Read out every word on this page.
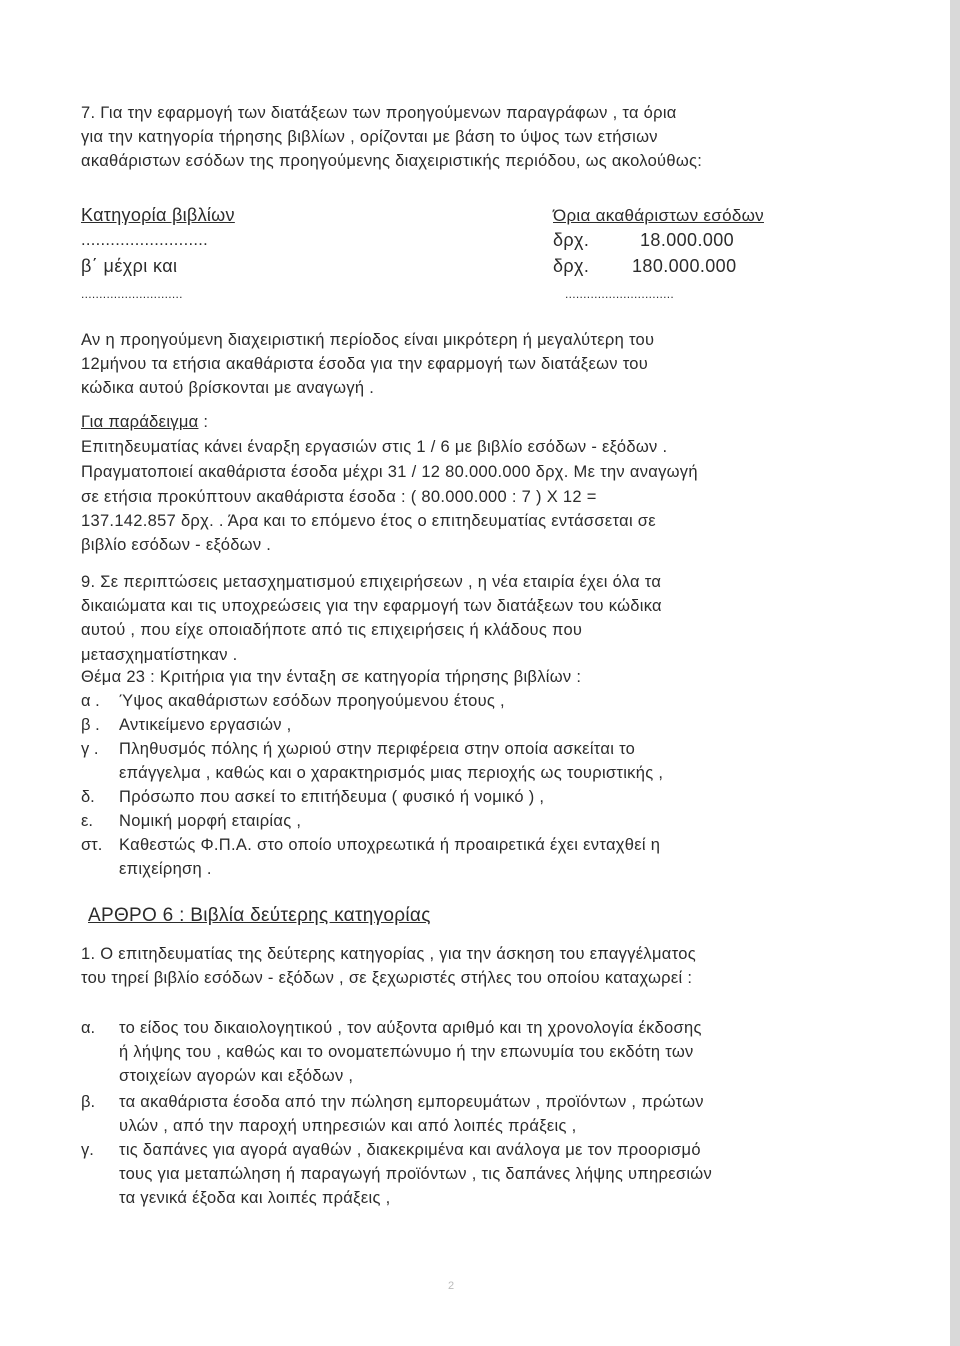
7. Για την εφαρμογή των διατάξεων των προηγούμενων παραγράφων , τα όρια
για την κατηγορία τήρησης βιβλίων , ορίζονται με βάση το ύψος των ετήσιων
ακαθάριστων εσόδων της προηγούμενης διαχειριστικής περιόδου, ως ακολούθως:
Κατηγορία βιβλίων	Όρια ακαθάριστων εσόδων
..........................	δρχ.	18.000.000
β΄ μέχρι και	δρχ. 180.000.000
............................	..............................
Αν η προηγούμενη διαχειριστική περίοδος είναι μικρότερη ή μεγαλύτερη του
12μήνου τα ετήσια ακαθάριστα έσοδα για την εφαρμογή των διατάξεων του
κώδικα αυτού βρίσκονται με αναγωγή .
Για παράδειγμα :
Επιτηδευματίας κάνει έναρξη εργασιών στις 1 / 6 με βιβλίο εσόδων - εξόδων .
Πραγματοποιεί ακαθάριστα έσοδα μέχρι 31 / 12 80.000.000 δρχ. Με την αναγωγή
σε ετήσια προκύπτουν ακαθάριστα έσοδα : ( 80.000.000 : 7 ) Χ 12 =
137.142.857 δρχ. . Άρα και το επόμενο έτος ο επιτηδευματίας εντάσσεται σε
βιβλίο εσόδων - εξόδων .
9. Σε περιπτώσεις μετασχηματισμού επιχειρήσεων , η νέα εταιρία έχει όλα τα
δικαιώματα και τις υποχρεώσεις για την εφαρμογή των διατάξεων του κώδικα
αυτού , που είχε οποιαδήποτε από τις επιχειρήσεις ή κλάδους που
μετασχηματίστηκαν .
Θέμα 23 : Κριτήρια για την ένταξη σε κατηγορία τήρησης βιβλίων :
α . Ύψος ακαθάριστων εσόδων προηγούμενου έτους ,
β . Αντικείμενο εργασιών ,
γ . Πληθυσμός πόλης ή χωριού στην περιφέρεια στην οποία ασκείται το
επάγγελμα , καθώς και ο χαρακτηρισμός μιας περιοχής ως τουριστικής ,
δ. Πρόσωπο που ασκεί το επιτήδευμα ( φυσικό ή νομικό ) ,
ε. Νομική μορφή εταιρίας ,
στ. Καθεστώς Φ.Π.Α. στο οποίο υποχρεωτικά ή προαιρετικά έχει ενταχθεί η
επιχείρηση .
ΑΡΘΡΟ 6 : Βιβλία δεύτερης κατηγορίας
1. Ο επιτηδευματίας της δεύτερης κατηγορίας , για την άσκηση του επαγγέλματος
του τηρεί βιβλίο εσόδων - εξόδων , σε ξεχωριστές στήλες του οποίου καταχωρεί :
α. το είδος του δικαιολογητικού , τον αύξοντα αριθμό και τη χρονολογία έκδοσης
ή λήψης του , καθώς και το ονοματεπώνυμο ή την επωνυμία του εκδότη των
στοιχείων αγορών και εξόδων ,
β. τα ακαθάριστα έσοδα από την πώληση εμπορευμάτων , προϊόντων , πρώτων
υλών , από την παροχή υπηρεσιών και από λοιπές πράξεις ,
γ. τις δαπάνες για αγορά αγαθών , διακεκριμένα και ανάλογα με τον προορισμό
τους για μεταπώληση ή παραγωγή προϊόντων , τις δαπάνες λήψης υπηρεσιών
τα γενικά έξοδα και λοιπές πράξεις ,
2
